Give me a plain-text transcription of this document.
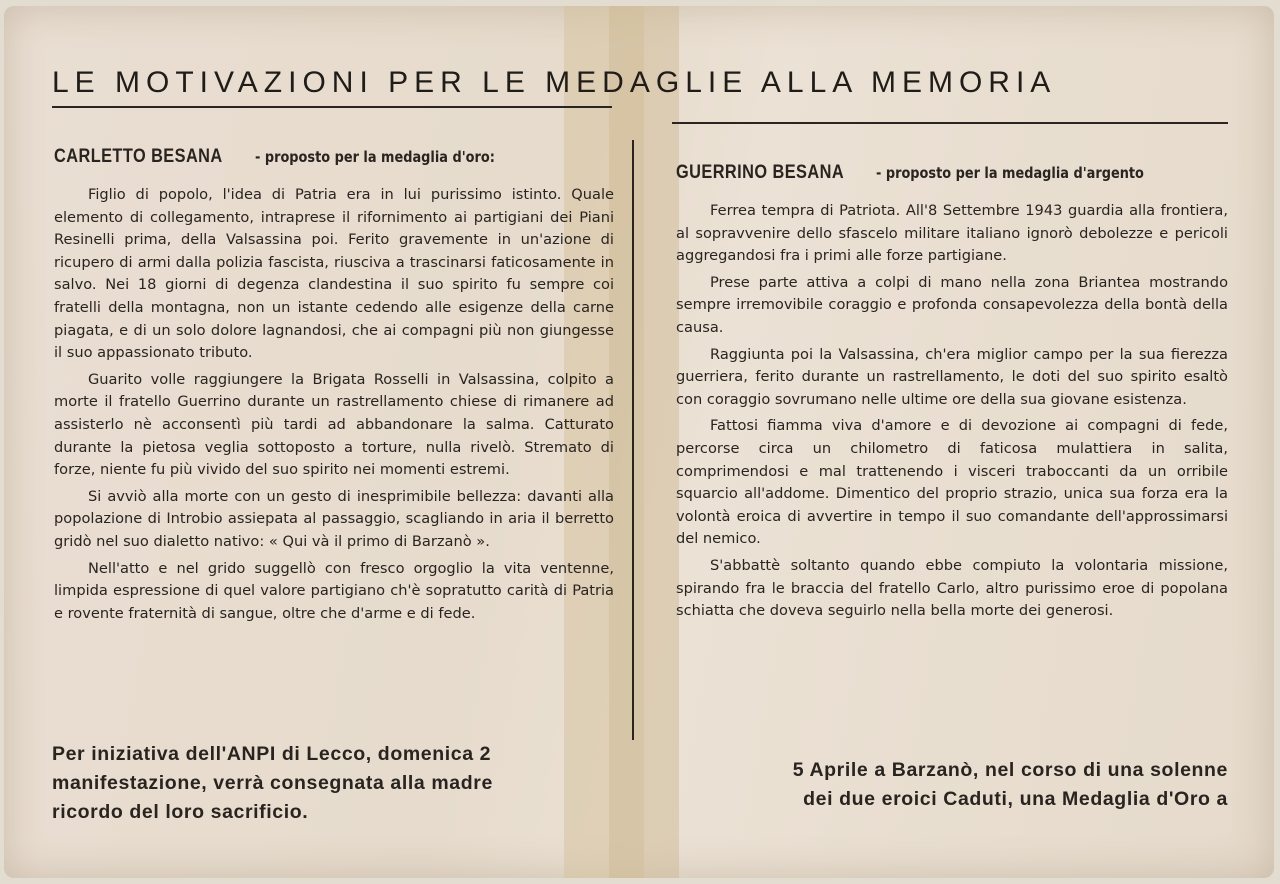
LE MOTIVAZIONI PER LE MEDAGLIE ALLA MEMORIA
CARLETTO BESANA - proposto per la medaglia d'oro:

Figlio di popolo, l'idea di Patria era in lui purissimo istinto. Quale elemento di collegamento, intraprese il rifornimento ai partigiani dei Piani Resinelli prima, della Valsassina poi. Ferito gravemente in un'azione di ricupero di armi dalla polizia fascista, riusciva a trascinarsi faticosamente in salvo. Nei 18 giorni di degenza clandestina il suo spirito fu sempre coi fratelli della montagna, non un istante cedendo alle esigenze della carne piagata, e di un solo dolore lagnandosi, che ai compagni più non giungesse il suo appassionato tributo.

Guarito volle raggiungere la Brigata Rosselli in Valsassina, colpito a morte il fratello Guerrino durante un rastrellamento chiese di rimanere ad assisterlo nè acconsentì più tardi ad abbandonare la salma. Catturato durante la pietosa veglia sottoposto a torture, nulla rivelò. Stremato di forze, niente fu più vivido del suo spirito nei momenti estremi.

Si avviò alla morte con un gesto di inesprimibile bellezza: davanti alla popolazione di Introbio assiepata al passaggio, scagliando in aria il berretto gridò nel suo dialetto nativo: « Qui và il primo di Barzanò ».

Nell'atto e nel grido suggellò con fresco orgoglio la vita ventenne, limpida espressione di quel valore partigiano ch'è sopratutto carità di Patria e rovente fraternità di sangue, oltre che d'arme e di fede.

GUERRINO BESANA - proposto per la medaglia d'argento

Ferrea tempra di Patriota. All'8 Settembre 1943 guardia alla frontiera, al sopravvenire dello sfascelo militare italiano ignorò debolezze e pericoli aggregandosi fra i primi alle forze partigiane.

Prese parte attiva a colpi di mano nella zona Briantea mostrando sempre irremovibile coraggio e profonda consapevolezza della bontà della causa.

Raggiunta poi la Valsassina, ch'era miglior campo per la sua fierezza guerriera, ferito durante un rastrellamento, le doti del suo spirito esaltò con coraggio sovrumano nelle ultime ore della sua giovane esistenza.

Fattosi fiamma viva d'amore e di devozione ai compagni di fede, percorse circa un chilometro di faticosa mulattiera in salita, comprimendosi e mal trattenendo i visceri traboccanti da un orribile squarcio all'addome. Dimentico del proprio strazio, unica sua forza era la volontà eroica di avvertire in tempo il suo comandante dell'approssimarsi del nemico.

S'abbattè soltanto quando ebbe compiuto la volontaria missione, spirando fra le braccia del fratello Carlo, altro purissimo eroe di popolana schiatta che doveva seguirlo nella bella morte dei generosi.

Per iniziativa dell'ANPI di Lecco, domenica 2
manifestazione, verrà consegnata alla madre
ricordo del loro sacrificio.
5 Aprile a Barzanò, nel corso di una solenne
dei due eroici Caduti, una Medaglia d'Oro a
